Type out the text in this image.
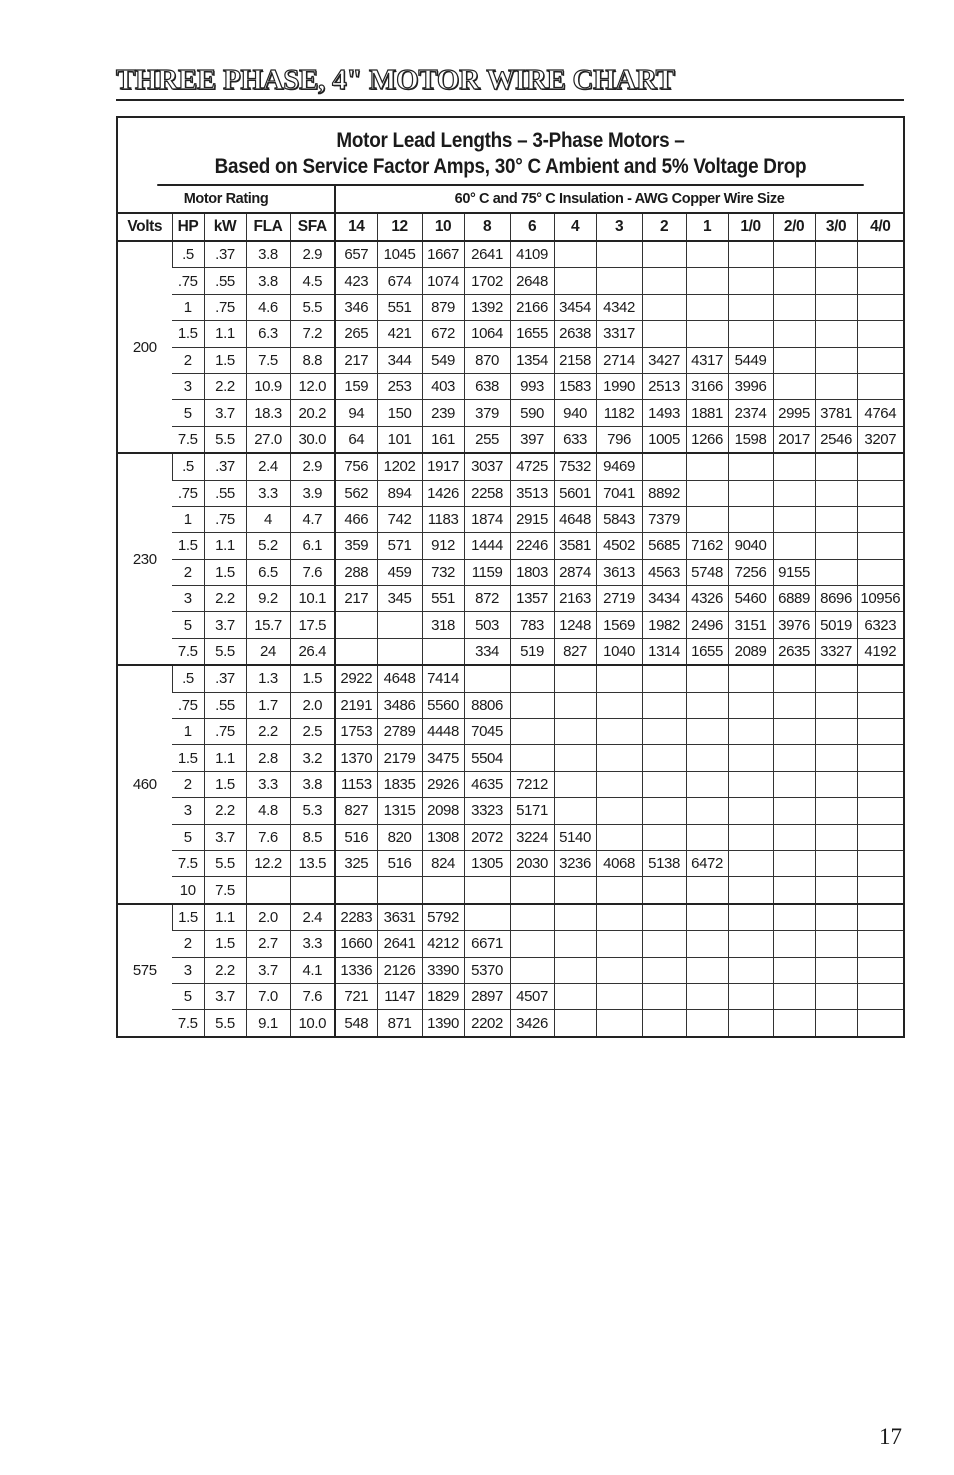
THREE PHASE, 4" MOTOR WIRE CHART
Motor Lead Lengths – 3-Phase Motors –
Based on Service Factor Amps, 30° C Ambient and 5% Voltage Drop
Motor Rating					60° C and 75° C Insulation - AWG Copper Wire Size												
Volts	HP	kW	FLA	SFA	14	12	10	8	6	4	3	2	1	1/0	2/0	3/0	4/0
200	.5	.37	3.8	2.9	657	1045	1667	2641	4109								
	.75	.55	3.8	4.5	423	674	1074	1702	2648								
	1	.75	4.6	5.5	346	551	879	1392	2166	3454	4342						
	1.5	1.1	6.3	7.2	265	421	672	1064	1655	2638	3317						
	2	1.5	7.5	8.8	217	344	549	870	1354	2158	2714	3427	4317	5449			
	3	2.2	10.9	12.0	159	253	403	638	993	1583	1990	2513	3166	3996			
	5	3.7	18.3	20.2	94	150	239	379	590	940	1182	1493	1881	2374	2995	3781	4764
	7.5	5.5	27.0	30.0	64	101	161	255	397	633	796	1005	1266	1598	2017	2546	3207
230	.5	.37	2.4	2.9	756	1202	1917	3037	4725	7532	9469						
	.75	.55	3.3	3.9	562	894	1426	2258	3513	5601	7041	8892					
	1	.75	4	4.7	466	742	1183	1874	2915	4648	5843	7379					
	1.5	1.1	5.2	6.1	359	571	912	1444	2246	3581	4502	5685	7162	9040			
	2	1.5	6.5	7.6	288	459	732	1159	1803	2874	3613	4563	5748	7256	9155		
	3	2.2	9.2	10.1	217	345	551	872	1357	2163	2719	3434	4326	5460	6889	8696	10956
	5	3.7	15.7	17.5			318	503	783	1248	1569	1982	2496	3151	3976	5019	6323
	7.5	5.5	24	26.4				334	519	827	1040	1314	1655	2089	2635	3327	4192
460	.5	.37	1.3	1.5	2922	4648	7414										
	.75	.55	1.7	2.0	2191	3486	5560	8806									
	1	.75	2.2	2.5	1753	2789	4448	7045									
	1.5	1.1	2.8	3.2	1370	2179	3475	5504									
	2	1.5	3.3	3.8	1153	1835	2926	4635	7212								
	3	2.2	4.8	5.3	827	1315	2098	3323	5171								
	5	3.7	7.6	8.5	516	820	1308	2072	3224	5140							
	7.5	5.5	12.2	13.5	325	516	824	1305	2030	3236	4068	5138	6472				
	10	7.5															
575	1.5	1.1	2.0	2.4	2283	3631	5792										
	2	1.5	2.7	3.3	1660	2641	4212	6671									
	3	2.2	3.7	4.1	1336	2126	3390	5370									
	5	3.7	7.0	7.6	721	1147	1829	2897	4507								
	7.5	5.5	9.1	10.0	548	871	1390	2202	3426								
17
